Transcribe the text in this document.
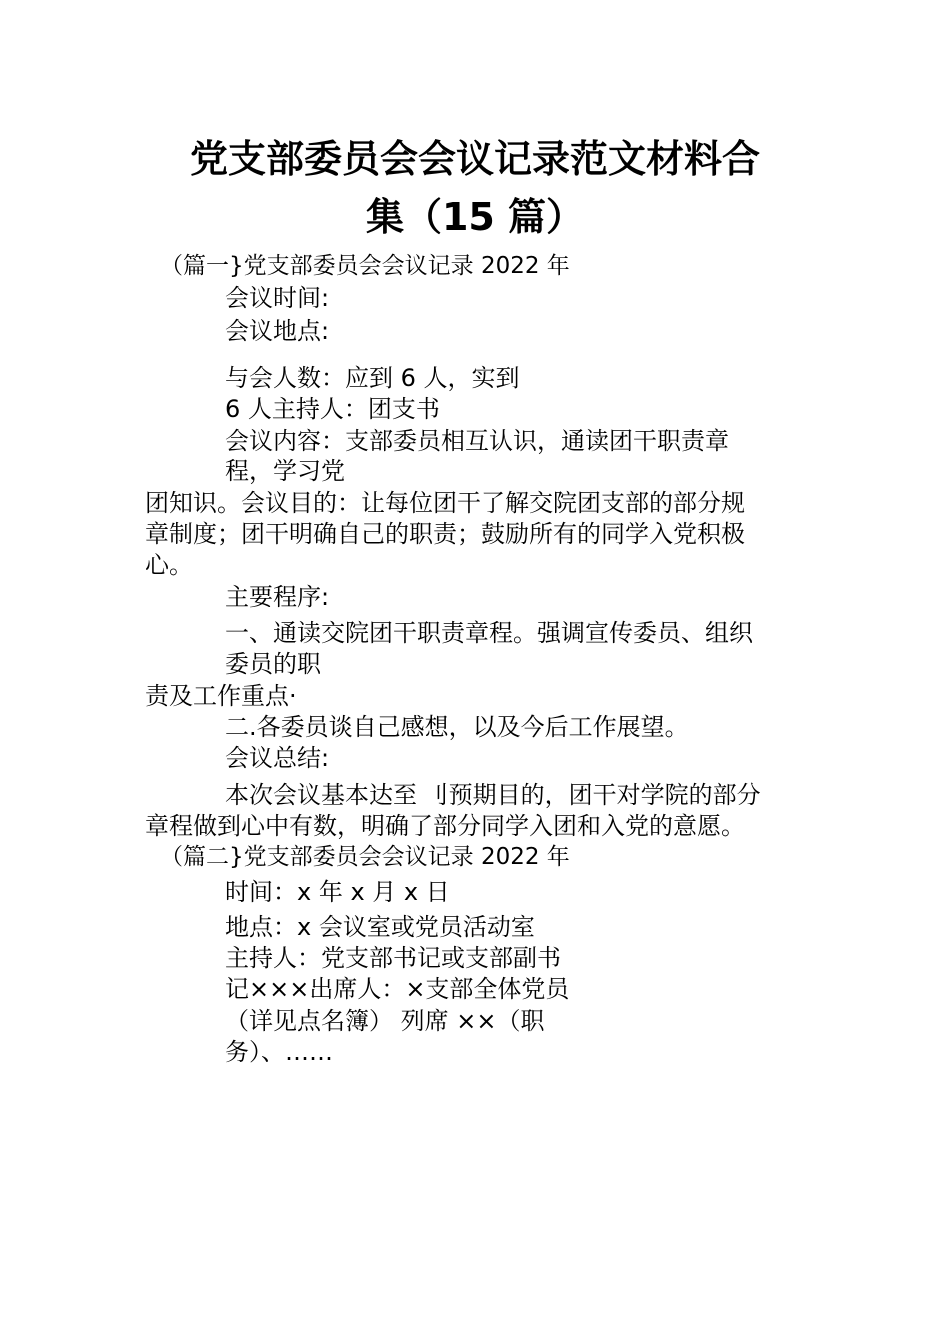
党支部委员会会议记录范文材料合
集（15 篇）
（篇一}党支部委员会会议记录 2022 年
会议时间:
会议地点:
与会人数：应到 6 人，实到
6 人主持人：团支书
会议内容：支部委员相互认识，通读团干职责章
程，学习党
团知识。会议目的：让每位团干了解交院团支部的部分规
章制度；团干明确自己的职责；鼓励所有的同学入党积极
心。
主要程序:
一、通读交院团干职责章程。强调宣传委员、组织
委员的职
责及工作重点·
二.各委员谈自己感想，以及今后工作展望。
会议总结:
本次会议基本达至 刂预期目的，团干对学院的部分
章程做到心中有数，明确了部分同学入团和入党的意愿。
（篇二}党支部委员会会议记录 2022 年
时间：x 年 x 月 x 日
地点：x 会议室或党员活动室
主持人：党支部书记或支部副书
记×××出席人：×支部全体党员
（详见点名簿） 列席 ××（职
务）、……
